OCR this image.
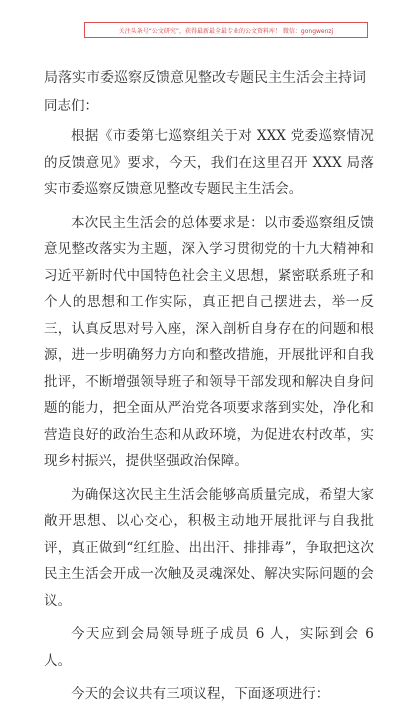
关注头条号“公文研究”，获得最新最全最专业的公文资料库！ 微信：gongwenzj
局落实市委巡察反馈意见整改专题民主生活会主持词
同志们：

根据《市委第七巡察组关于对 XXX 党委巡察情况的反馈意见》要求，今天，我们在这里召开 XXX 局落实市委巡察反馈意见整改专题民主生活会。

本次民主生活会的总体要求是：以市委巡察组反馈意见整改落实为主题，深入学习贯彻党的十九大精神和习近平新时代中国特色社会主义思想，紧密联系班子和个人的思想和工作实际，真正把自己摆进去，举一反三，认真反思对号入座，深入剖析自身存在的问题和根源，进一步明确努力方向和整改措施，开展批评和自我批评，不断增强领导班子和领导干部发现和解决自身问题的能力，把全面从严治党各项要求落到实处，净化和营造良好的政治生态和从政环境，为促进农村改革，实现乡村振兴，提供坚强政治保障。

为确保这次民主生活会能够高质量完成，希望大家敞开思想、以心交心，积极主动地开展批评与自我批评，真正做到“红红脸、出出汗、排排毒”，争取把这次民主生活会开成一次触及灵魂深处、解决实际问题的会议。

今天应到会局领导班子成员 6 人，实际到会 6 人。

今天的会议共有三项议程，下面逐项进行：
